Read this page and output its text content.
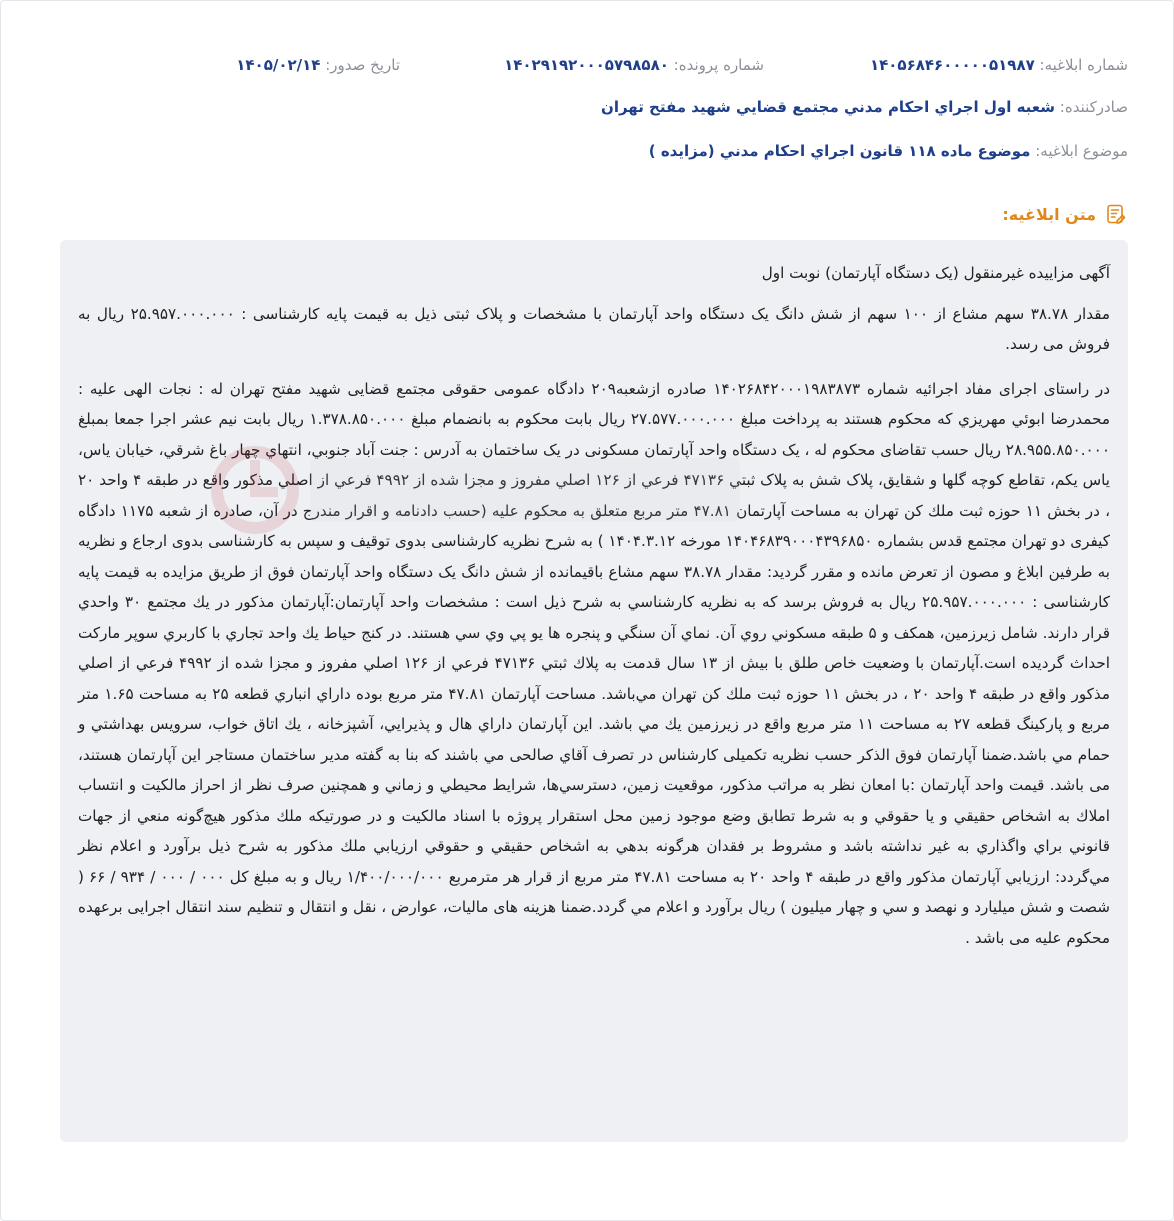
شماره ابلاغيه: ۱۴۰۵۶۸۴۶۰۰۰۰۰۵۱۹۸۷
شماره پرونده: ۱۴۰۲۹۱۹۲۰۰۰۵۷۹۸۵۸۰
تاريخ صدور: ۱۴۰۵/۰۲/۱۴
صادرکننده: شعبه اول اجراي احکام مدني مجتمع قضايي شهيد مفتح تهران
موضوع ابلاغيه: موضوع ماده ۱۱۸ قانون اجراي احکام مدني (مزايده )
متن ابلاغيه:

آگهی مزايیده غیرمنقول (يک دستگاه آپارتمان) نوبت اول

مقدار ۳۸.۷۸ سهم مشاع از ۱۰۰ سهم از شش دانگ یک دستگاه واحد آپارتمان با مشخصات و پلاک ثبتی ذیل به قیمت پایه کارشناسی : ۲۵.۹۵۷.۰۰۰.۰۰۰ ریال به فروش می رسد.

در راستای اجرای مفاد اجرائیه شماره ۱۴۰۲۶۸۴۲۰۰۰۱۹۸۳۸۷۳ صادره ازشعبه۲۰۹ دادگاه عمومی حقوقی مجتمع قضایی شهید مفتح تهران له : نجات الهی علیه : محمدرضا ابوئي مهريزي كه محكوم هستند به پرداخت مبلغ ۲۷.۵۷۷.۰۰۰.۰۰۰ ریال بابت محکوم به بانضمام مبلغ ۱.۳۷۸.۸۵۰.۰۰۰ ریال بابت نیم عشر اجرا جمعا بمبلغ ۲۸.۹۵۵.۸۵۰.۰۰۰ ریال حسب تقاضای محکوم له ، یک دستگاه واحد آپارتمان مسکونی در یک ساختمان به آدرس : جنت آباد جنوبي، انتهاي چهار باغ شرقي، خيابان ياس، ياس يکم، تقاطع کوچه گلها و شقايق، پلاک شش به پلاک ثبتي ۴۷۱۳۶ فرعي از ۱۲۶ اصلي مفروز و مجزا شده از ۴۹۹۲ فرعي از اصلي مذکور واقع در طبقه ۴ واحد ۲۰ ، در بخش ۱۱ حوزه ثبت ملك كن تهران به مساحت آپارتمان ۴۷.۸۱ متر مربع متعلق به محکوم علیه (حسب دادنامه و اقرار مندرج در آن، صادره از شعبه ۱۱۷۵ دادگاه کیفری دو تهران مجتمع قدس بشماره ۱۴۰۴۶۸۳۹۰۰۰۴۳۹۶۸۵۰ مورخه ۱۴۰۴.۳.۱۲ ) به شرح نظریه کارشناسی بدوی توقیف و سپس به کارشناسی بدوی ارجاع و نظریه به طرفین ابلاغ و مصون از تعرض مانده و مقرر گردید: مقدار ۳۸.۷۸ سهم مشاع باقیمانده از شش دانگ یک دستگاه واحد آپارتمان فوق از طریق مزایده به قیمت پایه کارشناسی : ۲۵.۹۵۷.۰۰۰.۰۰۰ ریال به فروش برسد كه به نظريه كارشناسي به شرح ذيل است : مشخصات واحد آپارتمان:آپارتمان مذكور در يك مجتمع ۳۰ واحدي قرار دارند. شامل زيرزمين، همكف و ۵ طبقه مسكوني روي آن. نماي آن سنگي و پنجره ها يو پي وي سي هستند. در كنج حياط يك واحد تجاري با كاربري سوپر ماركت احداث گرديده است.آپارتمان با وضعيت خاص طلق با بيش از ۱۳ سال قدمت به پلاك ثبتي ۴۷۱۳۶ فرعي از ۱۲۶ اصلي مفروز و مجزا شده از ۴۹۹۲ فرعي از اصلي مذكور واقع در طبقه ۴ واحد ۲۰ ، در بخش ۱۱ حوزه ثبت ملك كن تهران مي‌باشد. مساحت آپارتمان ۴۷.۸۱ متر مربع بوده داراي انباري قطعه ۲۵ به مساحت ۱.۶۵ متر مربع و پاركينگ قطعه ۲۷ به مساحت ۱۱ متر مربع واقع در زيرزمين يك مي باشد. اين آپارتمان داراي هال و پذيرايي، آشپزخانه ، يك اتاق خواب، سرويس بهداشتي و حمام مي باشد.ضمنا آپارتمان فوق الذکر حسب نظریه تکمیلی کارشناس در تصرف آقاي صالحی مي باشند که بنا به گفته مدير ساختمان مستاجر اين آپارتمان هستند، می باشد. قيمت واحد آپارتمان :با امعان نظر به مراتب مذكور، موقعيت زمين، دسترسي‌ها، شرايط محيطي و زماني و همچنين صرف نظر از احراز مالكيت و انتساب املاك به اشخاص حقيقي و يا حقوقي و به شرط تطابق وضع موجود زمين محل استقرار پروژه با اسناد مالكيت و در صورتيكه ملك مذكور هيچ‌گونه منعي از جهات قانوني براي واگذاري به غير نداشته باشد و مشروط بر فقدان هرگونه بدهي به اشخاص حقيقي و حقوقي ارزيابي ملك مذكور به شرح ذيل برآورد و اعلام نظر مي‌گردد: ارزيابي آپارتمان مذكور واقع در طبقه ۴ واحد ۲۰ به مساحت ۴۷.۸۱ متر مربع از قرار هر مترمربع ۱/۴۰۰/۰۰۰/۰۰۰ ريال و به مبلغ كل ۰۰۰ / ۰۰۰ / ۹۳۴ / ۶۶ ( شصت و شش ميليارد و نهصد و سي و چهار ميليون ) ريال برآورد و اعلام مي گردد.ضمنا هزینه های مالیات، عوارض ، نقل و انتقال و تنظیم سند انتقال اجرایی برعهده محکوم علیه می باشد .
